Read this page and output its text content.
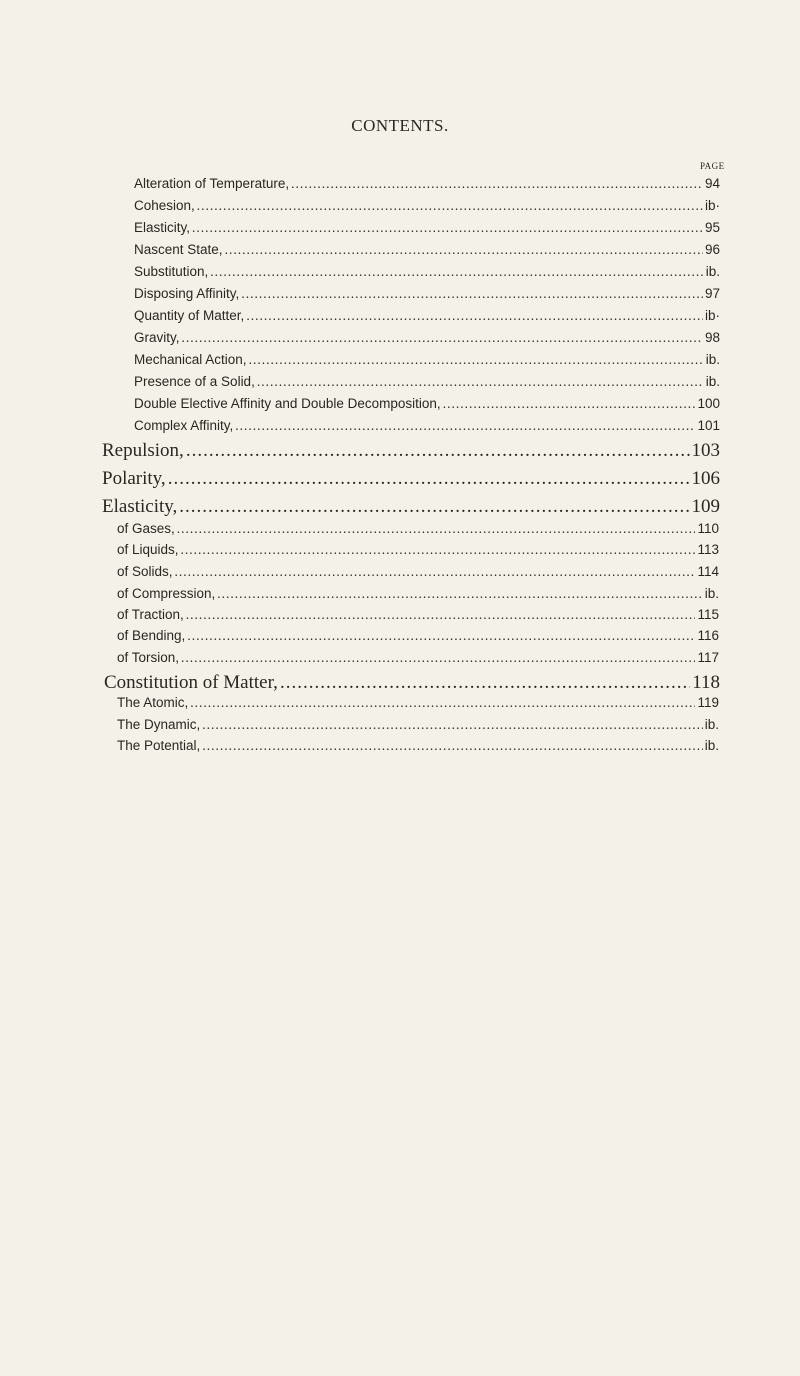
CONTENTS.
PAGE
Alteration of Temperature, .....	94
Cohesion, .....	ib·
Elasticity, .....	95
Nascent State, .....	96
Substitution, .....	ib.
Disposing Affinity, .....	97
Quantity of Matter, .....	ib·
Gravity, .....	98
Mechanical Action, .....	ib.
Presence of a Solid, .....	ib.
Double Elective Affinity and Double Decomposition, .....	100
Complex Affinity, .....	101
Repulsion, .....	103
Polarity, .....	106
Elasticity, .....	109
of Gases, .....	110
of Liquids, .....	113
of Solids, .....	114
of Compression, .....	ib.
of Traction, .....	115
of Bending, .....	116
of Torsion, .....	117
Constitution of Matter, .....	118
The Atomic, .....	119
The Dynamic, .....	ib.
The Potential, .....	ib.
